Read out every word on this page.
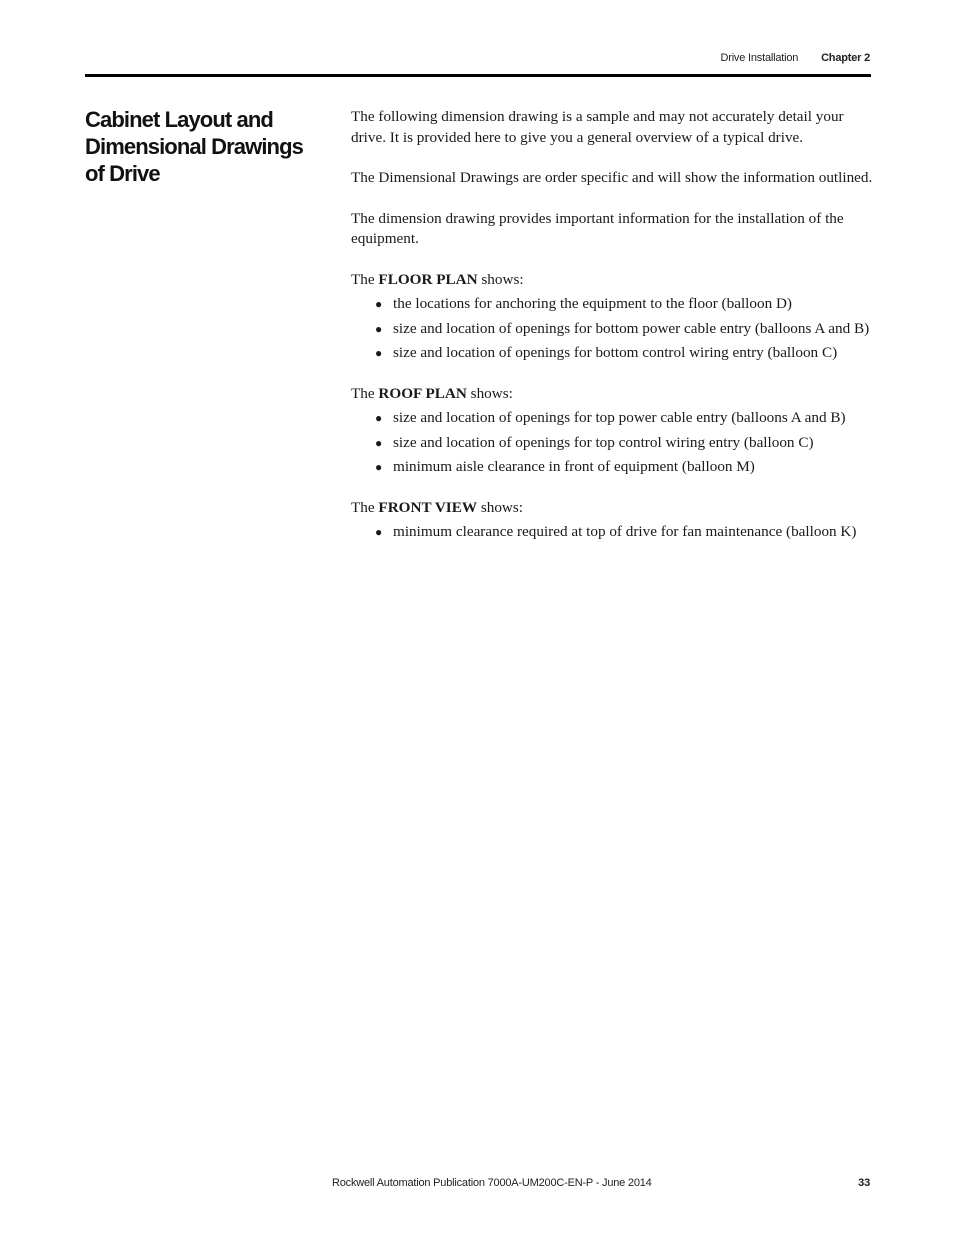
Drive Installation Chapter 2
Cabinet Layout and Dimensional Drawings of Drive

The following dimension drawing is a sample and may not accurately detail your drive. It is provided here to give you a general overview of a typical drive.

The Dimensional Drawings are order specific and will show the information outlined.

The dimension drawing provides important information for the installation of the equipment.

The FLOOR PLAN shows:

● the locations for anchoring the equipment to the floor (balloon D)
● size and location of openings for bottom power cable entry (balloons A and B)
● size and location of openings for bottom control wiring entry (balloon C)

The ROOF PLAN shows:

● size and location of openings for top power cable entry (balloons A and B)
● size and location of openings for top control wiring entry (balloon C)
● minimum aisle clearance in front of equipment (balloon M)

The FRONT VIEW shows:

● minimum clearance required at top of drive for fan maintenance (balloon K)
Rockwell Automation Publication 7000A-UM200C-EN-P - June 2014	33
